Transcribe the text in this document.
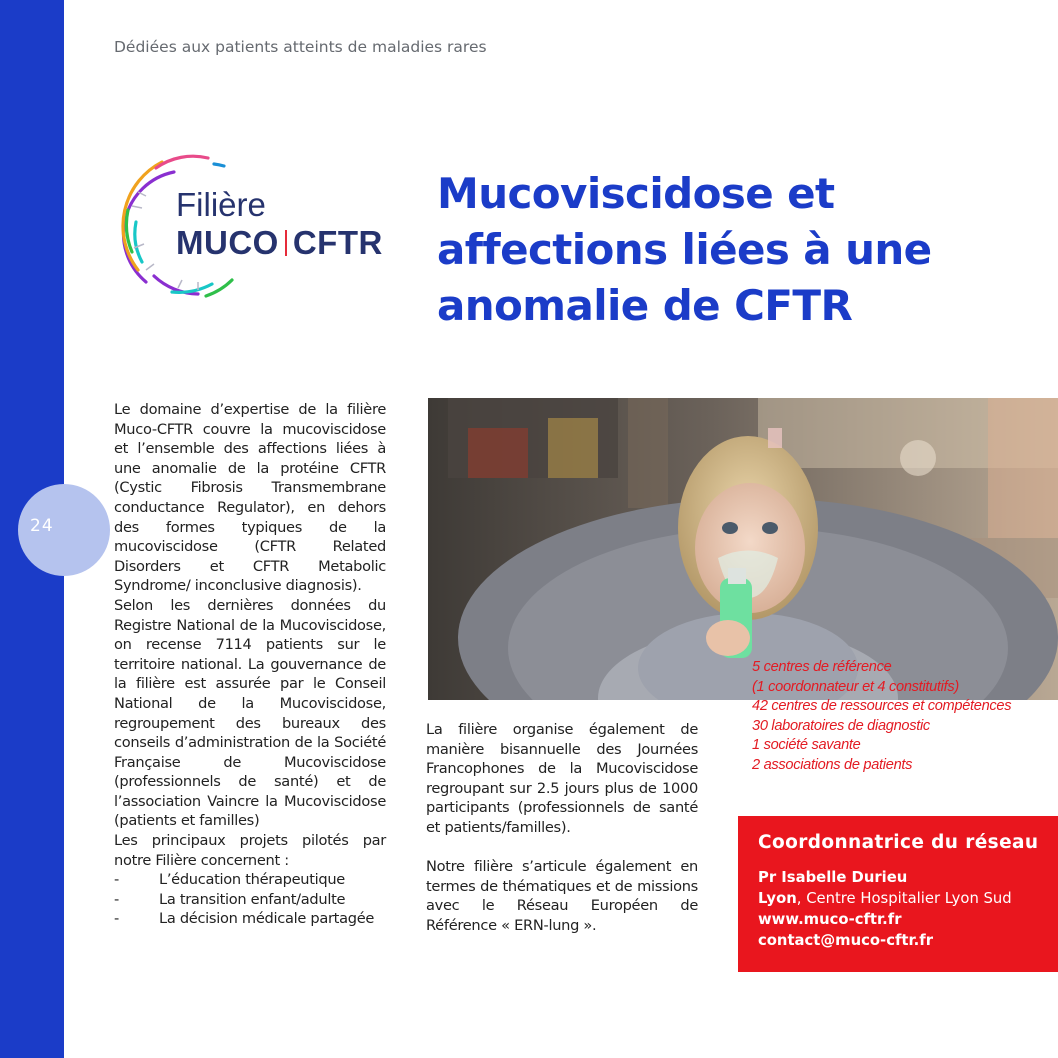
24
Dédiées aux patients atteints de maladies rares
Filière
MUCO CFTR
Mucoviscidose et
affections liées à une
anomalie de CFTR

Le domaine d’expertise de la filière Muco-CFTR couvre la mucoviscidose et l’ensemble des affections liées à une anomalie de la protéine CFTR (Cystic Fibrosis Transmembrane conductance Regulator), en dehors des formes typiques de la mucoviscidose (CFTR Related Disorders et CFTR Metabolic Syndrome/ inconclusive diagnosis).

Selon les dernières données du Registre National de la Mucoviscidose, on recense 7114 patients sur le territoire national. La gouvernance de la filière est assurée par le Conseil National de la Mucoviscidose, regroupement des bureaux des conseils d’administration de la Société Française de Mucoviscidose (professionnels de santé) et de l’association Vaincre la Mucoviscidose (patients et familles)

Les principaux projets pilotés par notre Filière concernent :

- L’éducation thérapeutique
- La transition enfant/adulte
- La décision médicale partagée
5 centres de référence
(1 coordonnateur et 4 constitutifs)
42 centres de ressources et compétences
30 laboratoires de diagnostic
1 société savante
2 associations de patients

La filière organise également de manière bisannuelle des Journées Francophones de la Mucoviscidose regroupant sur 2.5 jours plus de 1000 participants (professionnels de santé et patients/familles).

Notre filière s’articule également en termes de thématiques et de missions avec le Réseau Européen de Référence « ERN-lung ».

Coordonnatrice du réseau
Pr Isabelle Durieu
Lyon, Centre Hospitalier Lyon Sud
www.muco-cftr.fr
contact@muco-cftr.fr
